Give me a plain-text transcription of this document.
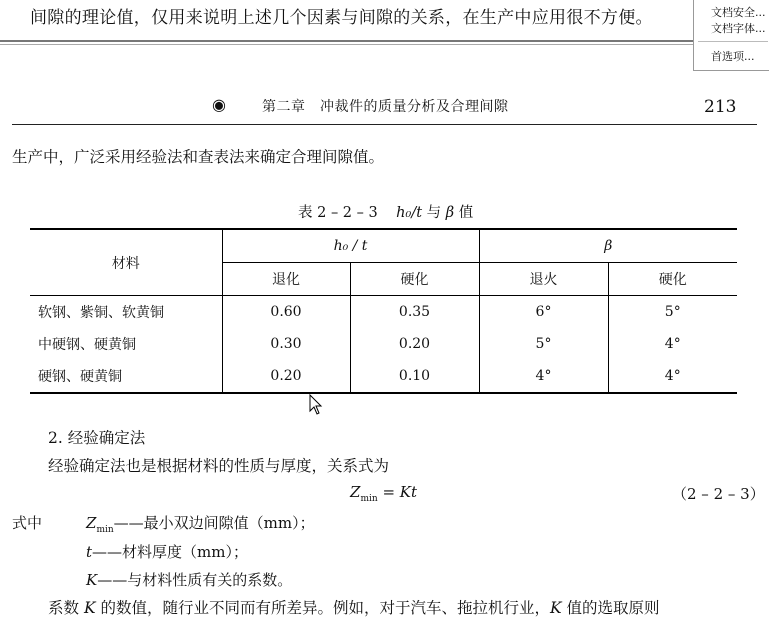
间隙的理论值，仅用来说明上述几个因素与间隙的关系，在生产中应用很不方便。	文档安全...
文档字体...
首选项...
◉	第二章　冲裁件的质量分析及合理间隙	213
生产中，广泛采用经验法和查表法来确定合理间隙值。
表 2 – 2 – 3 h₀/t 与 β 值
材料	h₀ / t		β	
	退化	硬化	退火	硬化
软钢、紫铜、软黄铜	0.60	0.35	6°	5°
中硬钢、硬黄铜	0.30	0.20	5°	4°
硬钢、硬黄铜	0.20	0.10	4°	4°
2. 经验确定法
经验确定法也是根据材料的性质与厚度，关系式为
$Z_{min} = Kt$	（2 – 2 – 3）
式中	$Z_{min}——$最小双边间隙值（mm）；
t——材料厚度（mm）；
K——与材料性质有关的系数。
系数 K 的数值，随行业不同而有所差异。例如，对于汽车、拖拉机行业，K 值的选取原则
